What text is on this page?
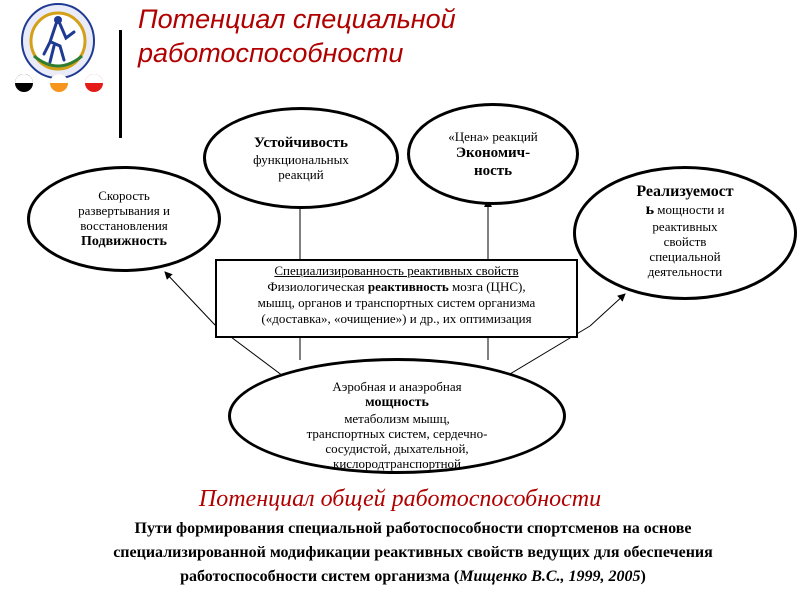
Потенциал специальной
работоспособности
Устойчивость
функциональных
реакций
«Цена» реакций
Экономич-
ность
Скорость
развертывания и
восстановления
Подвижность
Реализуемост
ь мощности и
реактивных
свойств
специальной
деятельности
Специализированность реактивных свойств
Физиологическая реактивность мозга (ЦНС),
мышц, органов и транспортных систем организма
(«доставка», «очищение») и др., их оптимизация
Аэробная и анаэробная
мощность
метаболизм мышц,
транспортных систем, сердечно-
сосудистой, дыхательной,
кислородтранспортной
Потенциал общей работоспособности
Пути формирования специальной работоспособности спортсменов на основе
специализированной модификации реактивных свойств ведущих для обеспечения
работоспособности систем организма (Мищенко В.С., 1999, 2005)
